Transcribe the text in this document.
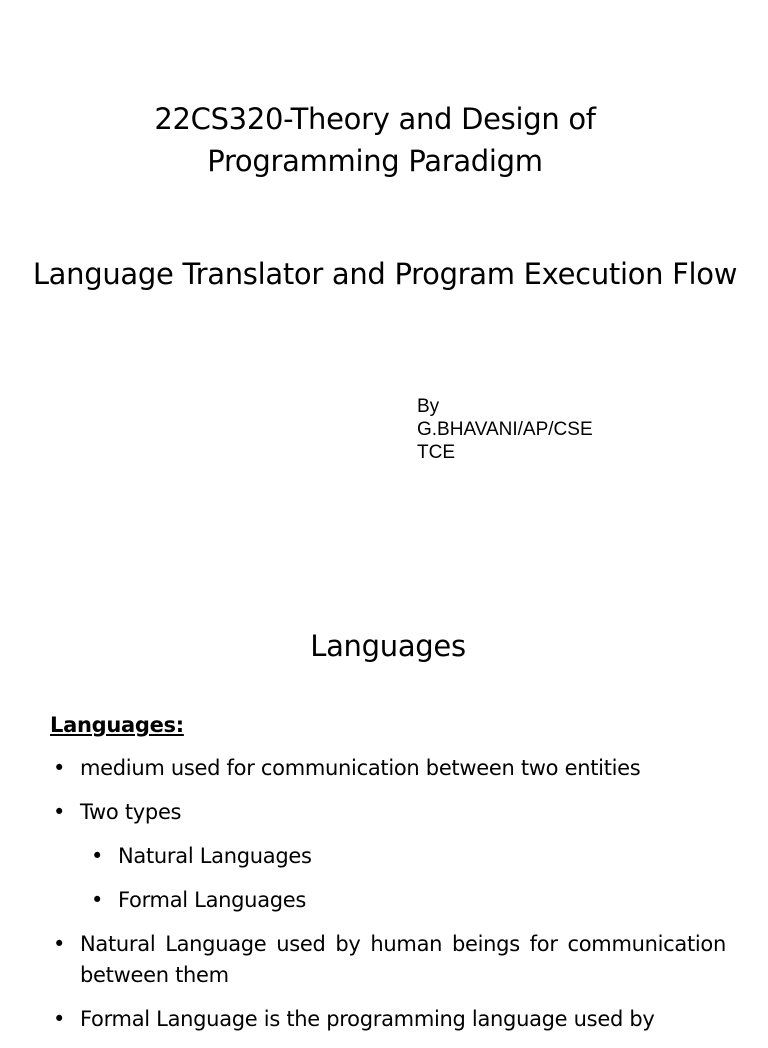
22CS320-Theory and Design of
Programming Paradigm
Language Translator and Program Execution Flow
By
G.BHAVANI/AP/CSE
TCE
Languages
Languages:
• medium used for communication between two entities
• Two types
• Natural Languages
• Formal Languages
• Natural Language used by human beings for communication between them
• Formal Language is the programming language used by
